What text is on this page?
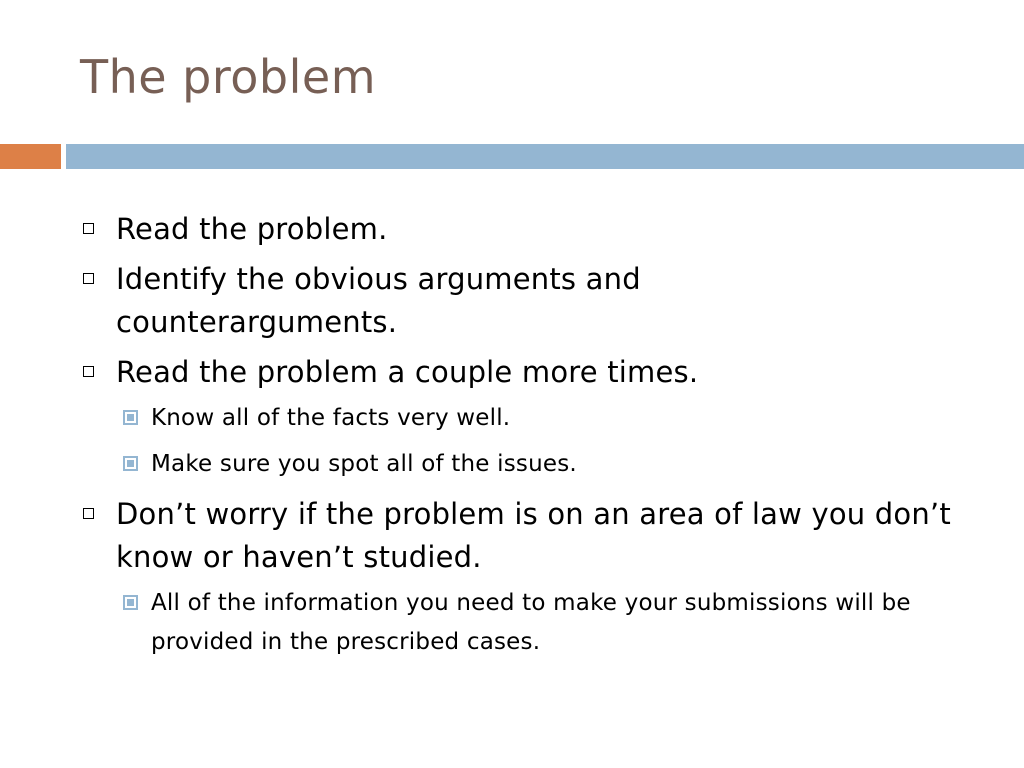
The problem
Read the problem.
Identify the obvious arguments and counterarguments.
Read the problem a couple more times.
Know all of the facts very well.
Make sure you spot all of the issues.
Don’t worry if the problem is on an area of law you don’t know or haven’t studied.
All of the information you need to make your submissions will be provided in the prescribed cases.
